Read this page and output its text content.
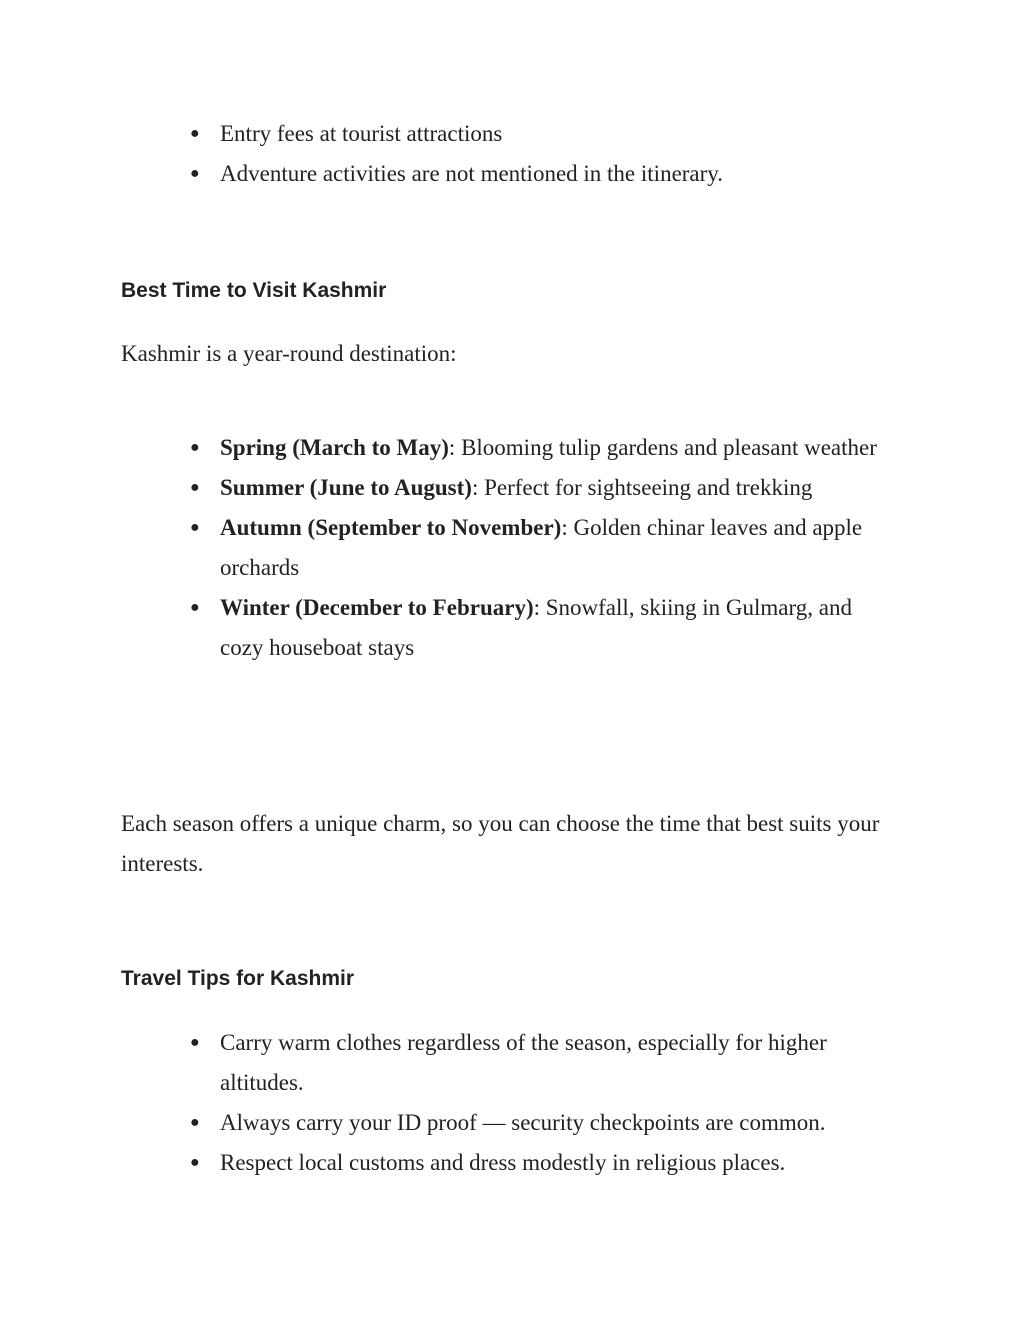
● Entry fees at tourist attractions
● Adventure activities are not mentioned in the itinerary.
Best Time to Visit Kashmir

Kashmir is a year-round destination:

● Spring (March to May): Blooming tulip gardens and pleasant weather
● Summer (June to August): Perfect for sightseeing and trekking
● Autumn (September to November): Golden chinar leaves and apple orchards
● Winter (December to February): Snowfall, skiing in Gulmarg, and cozy houseboat stays

Each season offers a unique charm, so you can choose the time that best suits your interests.

Travel Tips for Kashmir
● Carry warm clothes regardless of the season, especially for higher altitudes.
● Always carry your ID proof — security checkpoints are common.
● Respect local customs and dress modestly in religious places.
